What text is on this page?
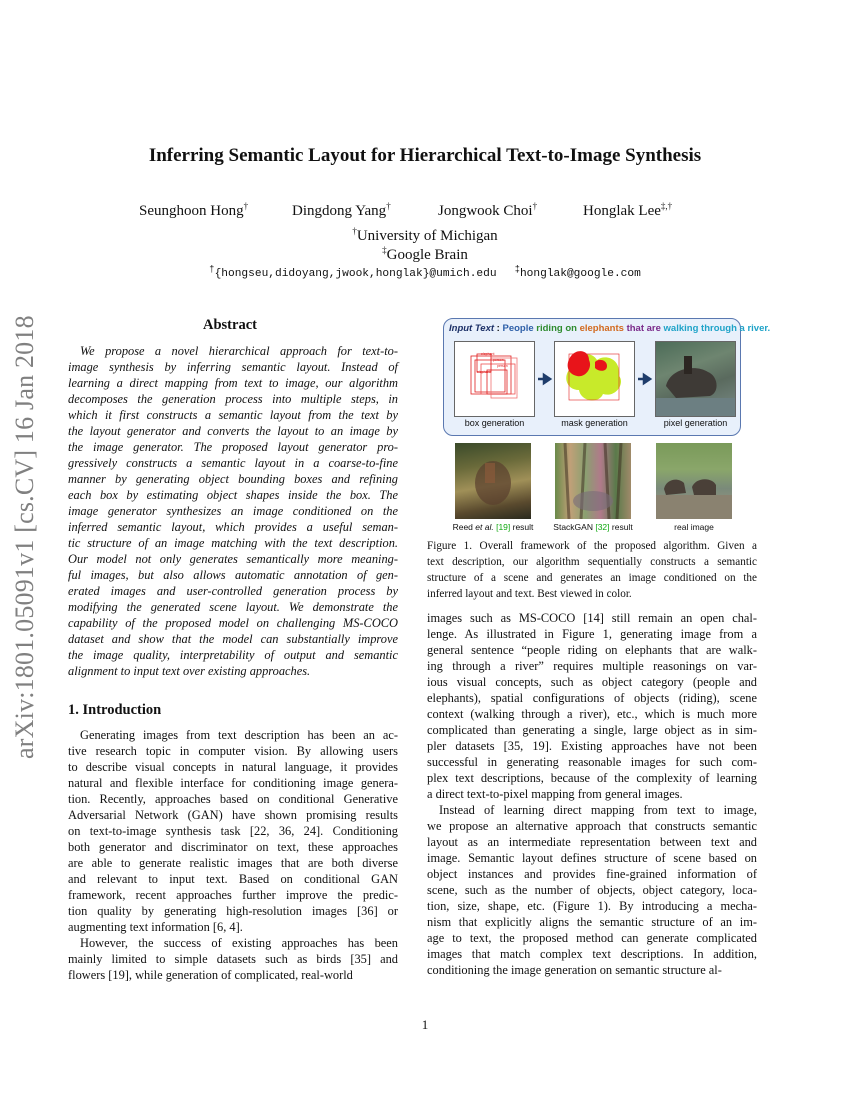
arXiv:1801.05091v1 [cs.CV] 16 Jan 2018
Inferring Semantic Layout for Hierarchical Text-to-Image Synthesis
Seunghoon Hong†	Dingdong Yang†	Jongwook Choi†	Honglak Lee‡,†
†University of Michigan
‡Google Brain
†{hongseu,didoyang,jwook,honglak}@umich.edu ‡honglak@google.com
Abstract
We propose a novel hierarchical approach for text-to-
image synthesis by inferring semantic layout. Instead of
learning a direct mapping from text to image, our algorithm
decomposes the generation process into multiple steps, in
which it first constructs a semantic layout from the text by
the layout generator and converts the layout to an image by
the image generator. The proposed layout generator pro-
gressively constructs a semantic layout in a coarse-to-fine
manner by generating object bounding boxes and refining
each box by estimating object shapes inside the box. The
image generator synthesizes an image conditioned on the
inferred semantic layout, which provides a useful seman-
tic structure of an image matching with the text description.
Our model not only generates semantically more meaning-
ful images, but also allows automatic annotation of gen-
erated images and user-controlled generation process by
modifying the generated scene layout. We demonstrate the
capability of the proposed model on challenging MS-COCO
dataset and show that the model can substantially improve
the image quality, interpretability of output and semantic
alignment to input text over existing approaches.
1. Introduction
Generating images from text description has been an ac-
tive research topic in computer vision. By allowing users
to describe visual concepts in natural language, it provides
natural and flexible interface for conditioning image genera-
tion. Recently, approaches based on conditional Generative
Adversarial Network (GAN) have shown promising results
on text-to-image synthesis task [22, 36, 24]. Conditioning
both generator and discriminator on text, these approaches
are able to generate realistic images that are both diverse
and relevant to input text. Based on conditional GAN
framework, recent approaches further improve the predic-
tion quality by generating high-resolution images [36] or
augmenting text information [6, 4].
However, the success of existing approaches has been
mainly limited to simple datasets such as birds [35] and
flowers [19], while generation of complicated, real-world
Input Text : People riding on elephants that are walking through a river.
elephant
person
person
elephant
box generation	mask generation	pixel generation
Reed et al. [19] result	StackGAN [32] result	real image
Figure 1. Overall framework of the proposed algorithm. Given a
text description, our algorithm sequentially constructs a semantic
structure of a scene and generates an image conditioned on the
inferred layout and text. Best viewed in color.
images such as MS-COCO [14] still remain an open chal-
lenge. As illustrated in Figure 1, generating image from a
general sentence “people riding on elephants that are walk-
ing through a river” requires multiple reasonings on var-
ious visual concepts, such as object category (people and
elephants), spatial configurations of objects (riding), scene
context (walking through a river), etc., which is much more
complicated than generating a single, large object as in sim-
pler datasets [35, 19]. Existing approaches have not been
successful in generating reasonable images for such com-
plex text descriptions, because of the complexity of learning
a direct text-to-pixel mapping from general images.
Instead of learning direct mapping from text to image,
we propose an alternative approach that constructs semantic
layout as an intermediate representation between text and
image. Semantic layout defines structure of scene based on
object instances and provides fine-grained information of
scene, such as the number of objects, object category, loca-
tion, size, shape, etc. (Figure 1). By introducing a mecha-
nism that explicitly aligns the semantic structure of an im-
age to text, the proposed method can generate complicated
images that match complex text descriptions. In addition,
conditioning the image generation on semantic structure al-
1
